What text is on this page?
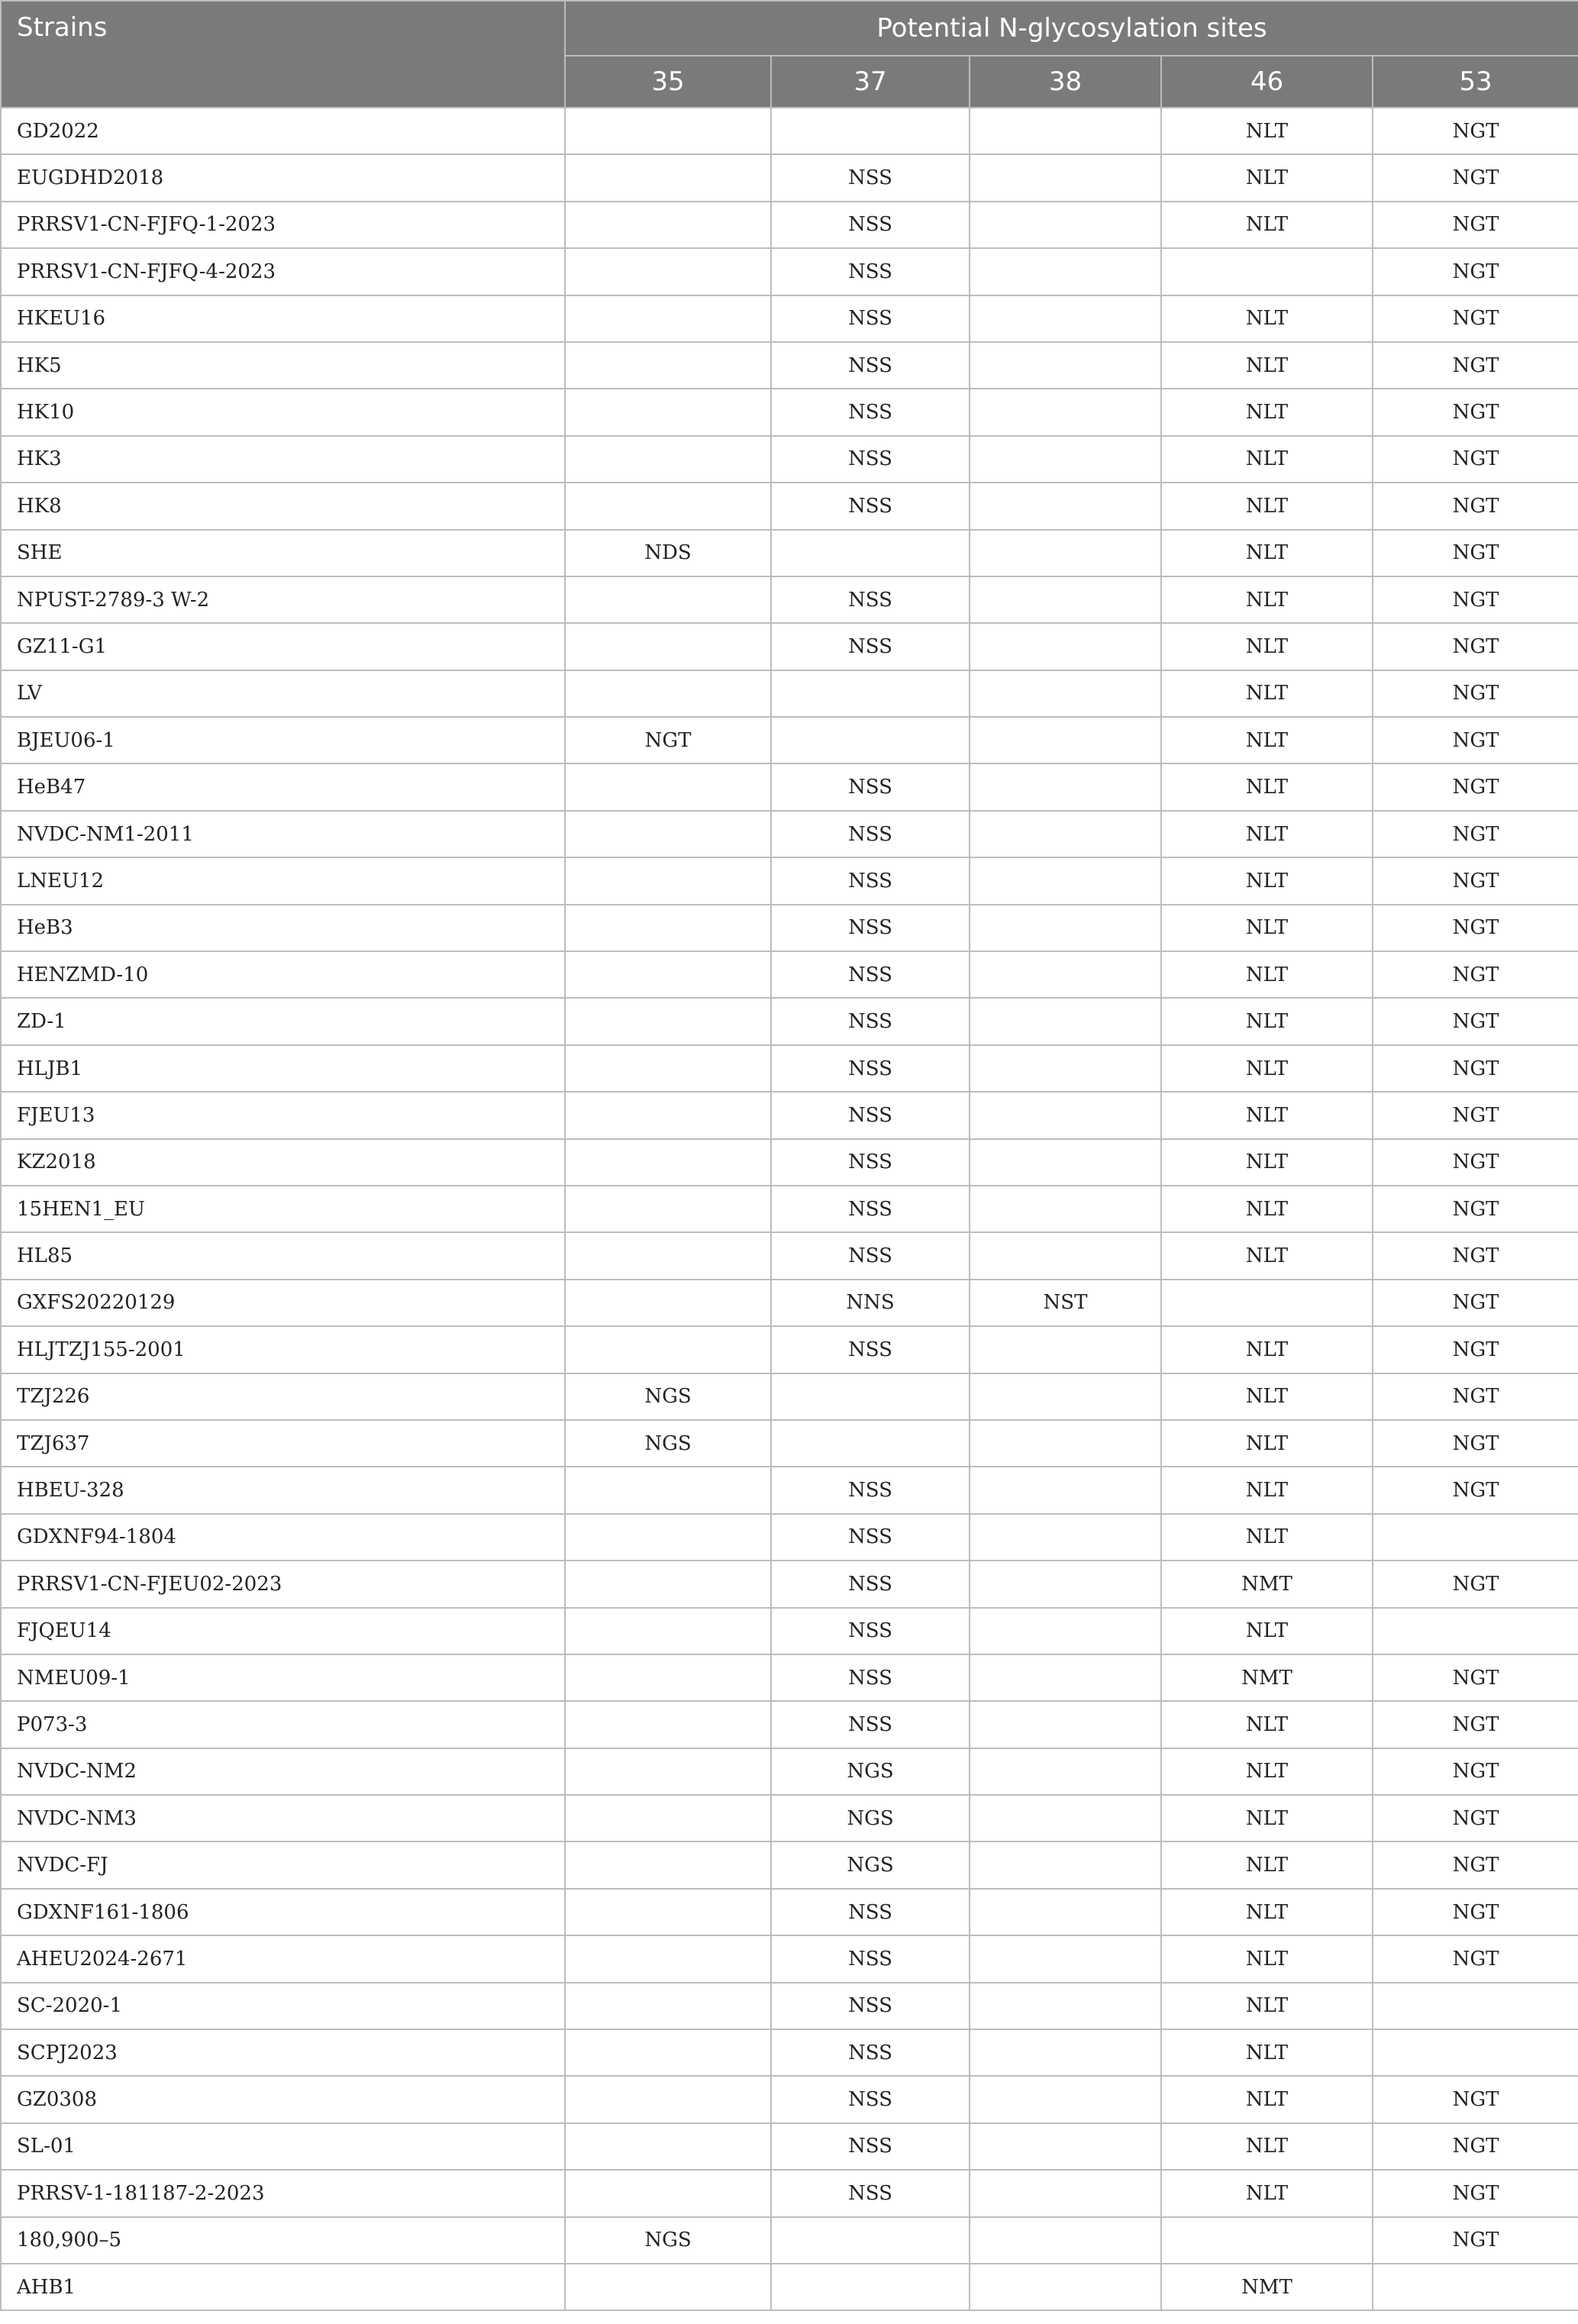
Strains	Potential N-glycosylation sites				
	35	37	38	46	53
GD2022				NLT	NGT
EUGDHD2018		NSS		NLT	NGT
PRRSV1-CN-FJFQ-1-2023		NSS		NLT	NGT
PRRSV1-CN-FJFQ-4-2023		NSS			NGT
HKEU16		NSS		NLT	NGT
HK5		NSS		NLT	NGT
HK10		NSS		NLT	NGT
HK3		NSS		NLT	NGT
HK8		NSS		NLT	NGT
SHE	NDS			NLT	NGT
NPUST-2789-3 W-2		NSS		NLT	NGT
GZ11-G1		NSS		NLT	NGT
LV				NLT	NGT
BJEU06-1	NGT			NLT	NGT
HeB47		NSS		NLT	NGT
NVDC-NM1-2011		NSS		NLT	NGT
LNEU12		NSS		NLT	NGT
HeB3		NSS		NLT	NGT
HENZMD-10		NSS		NLT	NGT
ZD-1		NSS		NLT	NGT
HLJB1		NSS		NLT	NGT
FJEU13		NSS		NLT	NGT
KZ2018		NSS		NLT	NGT
15HEN1_EU		NSS		NLT	NGT
HL85		NSS		NLT	NGT
GXFS20220129		NNS	NST		NGT
HLJTZJ155-2001		NSS		NLT	NGT
TZJ226	NGS			NLT	NGT
TZJ637	NGS			NLT	NGT
HBEU-328		NSS		NLT	NGT
GDXNF94-1804		NSS		NLT	
PRRSV1-CN-FJEU02-2023		NSS		NMT	NGT
FJQEU14		NSS		NLT	
NMEU09-1		NSS		NMT	NGT
P073-3		NSS		NLT	NGT
NVDC-NM2		NGS		NLT	NGT
NVDC-NM3		NGS		NLT	NGT
NVDC-FJ		NGS		NLT	NGT
GDXNF161-1806		NSS		NLT	NGT
AHEU2024-2671		NSS		NLT	NGT
SC-2020-1		NSS		NLT	
SCPJ2023		NSS		NLT	
GZ0308		NSS		NLT	NGT
SL-01		NSS		NLT	NGT
PRRSV-1-181187-2-2023		NSS		NLT	NGT
180,900–5	NGS				NGT
AHB1				NMT	
